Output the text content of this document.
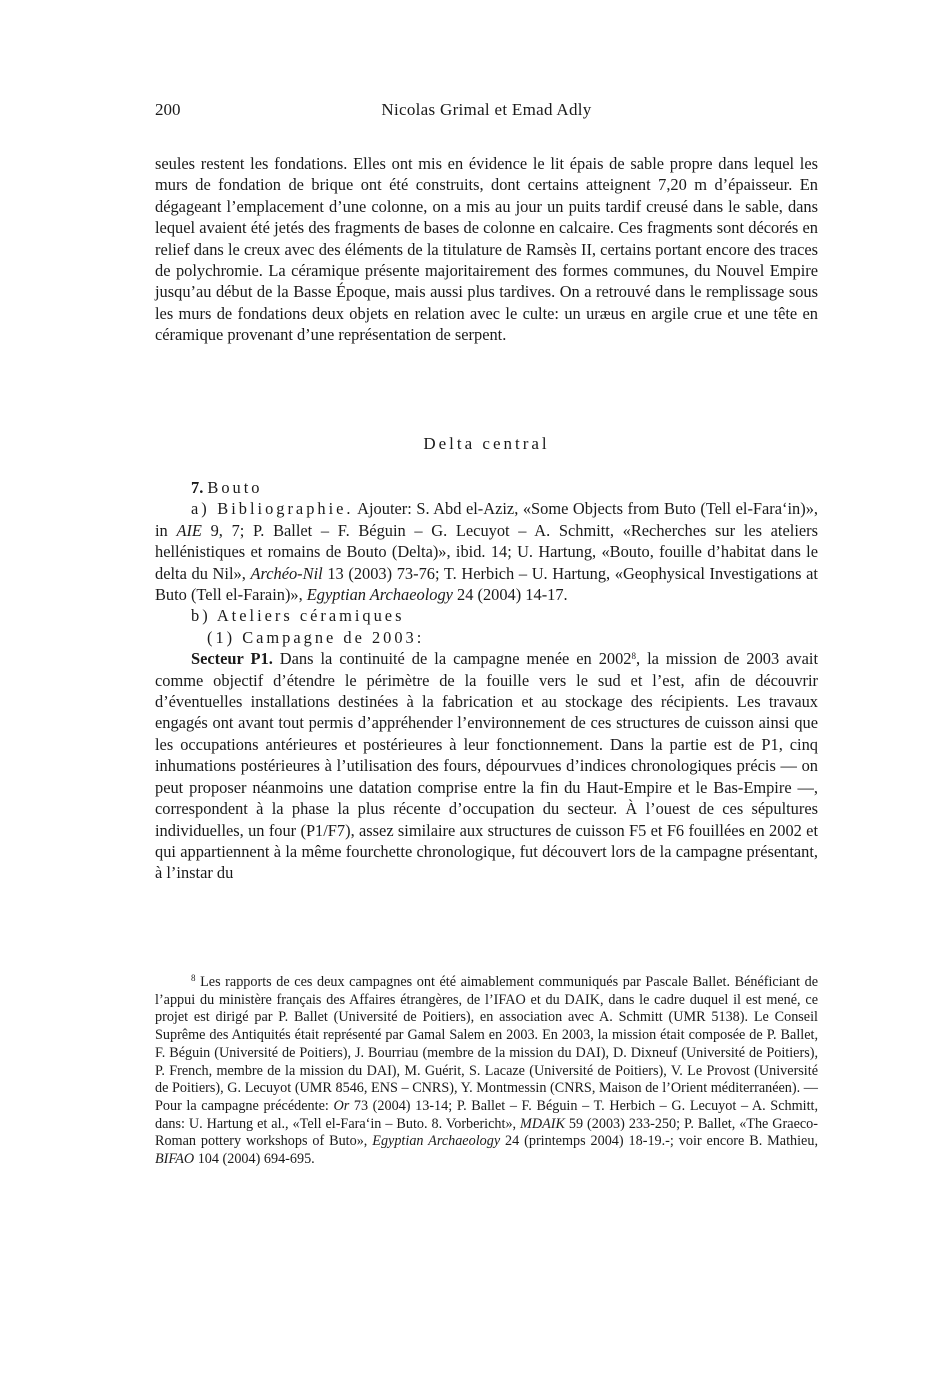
200	Nicolas Grimal et Emad Adly

seules restent les fondations. Elles ont mis en évidence le lit épais de sable propre dans lequel les murs de fondation de brique ont été construits, dont certains atteignent 7,20 m d’épaisseur. En dégageant l’emplacement d’une colonne, on a mis au jour un puits tardif creusé dans le sable, dans lequel avaient été jetés des fragments de bases de colonne en calcaire. Ces fragments sont décorés en relief dans le creux avec des éléments de la titulature de Ramsès II, certains portant encore des traces de polychromie. La céramique présente majoritairement des formes communes, du Nouvel Empire jusqu’au début de la Basse Époque, mais aussi plus tardives. On a retrouvé dans le remplissage sous les murs de fondations deux objets en relation avec le culte: un uræus en argile crue et une tête en céramique provenant d’une représentation de serpent.

Delta central

7. Bouto

a) Bibliographie. Ajouter: S. Abd el-Aziz, «Some Objects from Buto (Tell el-Fara‘in)», in AIE 9, 7; P. Ballet – F. Béguin – G. Lecuyot – A. Schmitt, «Recherches sur les ateliers hellénistiques et romains de Bouto (Delta)», ibid. 14; U. Hartung, «Bouto, fouille d’habitat dans le delta du Nil», Archéo-Nil 13 (2003) 73-76; T. Herbich – U. Hartung, «Geophysical Investigations at Buto (Tell el-Farain)», Egyptian Archaeology 24 (2004) 14-17.

b) Ateliers céramiques

(1) Campagne de 2003:

Secteur P1. Dans la continuité de la campagne menée en 2002$^8$, la mission de 2003 avait comme objectif d’étendre le périmètre de la fouille vers le sud et l’est, afin de découvrir d’éventuelles installations destinées à la fabrication et au stockage des récipients. Les travaux engagés ont avant tout permis d’appréhender l’environnement de ces structures de cuisson ainsi que les occupations antérieures et postérieures à leur fonctionnement. Dans la partie est de P1, cinq inhumations postérieures à l’utilisation des fours, dépourvues d’indices chronologiques précis — on peut proposer néanmoins une datation comprise entre la fin du Haut-Empire et le Bas-Empire —, correspondent à la phase la plus récente d’occupation du secteur. À l’ouest de ces sépultures individuelles, un four (P1/F7), assez similaire aux structures de cuisson F5 et F6 fouillées en 2002 et qui appartiennent à la même fourchette chronologique, fut découvert lors de la campagne présentant, à l’instar du

$^8$ Les rapports de ces deux campagnes ont été aimablement communiqués par Pascale Ballet. Bénéficiant de l’appui du ministère français des Affaires étrangères, de l’IFAO et du DAIK, dans le cadre duquel il est mené, ce projet est dirigé par P. Ballet (Université de Poitiers), en association avec A. Schmitt (UMR 5138). Le Conseil Suprême des Antiquités était représenté par Gamal Salem en 2003. En 2003, la mission était composée de P. Ballet, F. Béguin (Université de Poitiers), J. Bourriau (membre de la mission du DAI), D. Dixneuf (Université de Poitiers), P. French, membre de la mission du DAI), M. Guérit, S. Lacaze (Université de Poitiers), V. Le Provost (Université de Poitiers), G. Lecuyot (UMR 8546, ENS – CNRS), Y. Montmessin (CNRS, Maison de l’Orient méditerranéen). — Pour la campagne précédente: Or 73 (2004) 13-14; P. Ballet – F. Béguin – T. Herbich – G. Lecuyot – A. Schmitt, dans: U. Hartung et al., «Tell el-Fara‘in – Buto. 8. Vorbericht», MDAIK 59 (2003) 233-250; P. Ballet, «The Graeco-Roman pottery workshops of Buto», Egyptian Archaeology 24 (printemps 2004) 18-19.-; voir encore B. Mathieu, BIFAO 104 (2004) 694-695.
